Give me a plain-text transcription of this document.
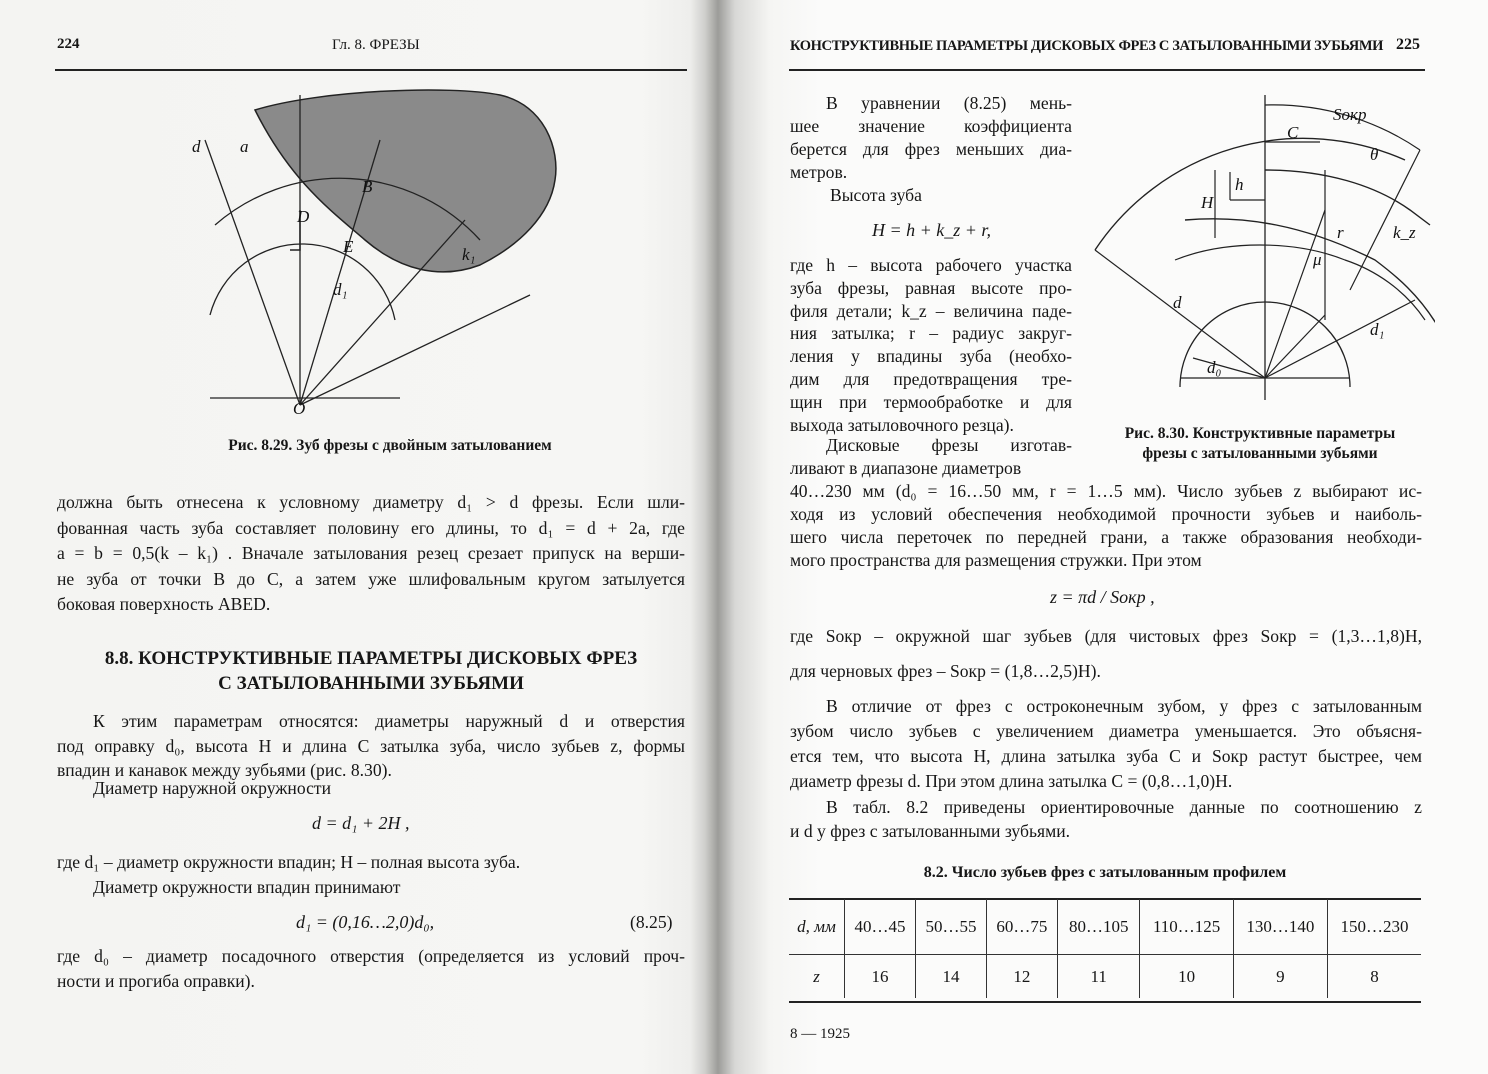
224	Гл. 8. ФРЕЗЫ
d a
D
E
B
d₁
k₁
O
Рис. 8.29. Зуб фрезы с двойным затылованием
должна быть отнесена к условному диаметру d₁ > d фрезы. Если шли-
фованная часть зуба составляет половину его длины, то d₁ = d + 2a, где
a = b = 0,5(k – k₁) . Вначале затылования резец срезает припуск на верши-
не зуба от точки B до C, а затем уже шлифовальным кругом затылуется
боковая поверхность ABED.
8.8. КОНСТРУКТИВНЫЕ ПАРАМЕТРЫ ДИСКОВЫХ ФРЕЗ
С ЗАТЫЛОВАННЫМИ ЗУБЬЯМИ
К этим параметрам относятся: диаметры наружный d и отверстия
под оправку d₀, высота H и длина C затылка зуба, число зубьев z, формы
впадин и канавок между зубьями (рис. 8.30).
Диаметр наружной окружности
d = d₁ + 2H ,
где d₁ – диаметр окружности впадин; H – полная высота зуба.
Диаметр окружности впадин принимают
d₁ = (0,16…2,0)d₀,	(8.25)
где d₀ – диаметр посадочного отверстия (определяется из условий проч-
ности и прогиба оправки).
КОНСТРУКТИВНЫЕ ПАРАМЕТРЫ ДИСКОВЫХ ФРЕЗ С ЗАТЫЛОВАННЫМИ ЗУБЬЯМИ 225
В уравнении (8.25) мень-
шее значение коэффициента
берется для фрез меньших диа-
метров.
Высота зуба
H = h + k_z + r,
где h – высота рабочего участка
зуба фрезы, равная высоте про-
филя детали; k_z – величина паде-
ния затылка; r – радиус закруг-
ления у впадины зуба (необхо-
дим для предотвращения тре-
щин при термообработке и для
выхода затыловочного резца).
Дисковые фрезы изготав-
ливают в диапазоне диаметров
40…230 мм (d₀ = 16…50 мм, r = 1…5 мм). Число зубьев z выбирают ис-
ходя из условий обеспечения необходимой прочности зубьев и наиболь-
шего числа переточек по передней грани, а также образования необходи-
мого пространства для размещения стружки. При этом
z = πd / Sокр ,
где Sокр – окружной шаг зубьев (для чистовых фрез Sокр = (1,3…1,8)H,
для черновых фрез – Sокр = (1,8…2,5)H).
В отличие от фрез с остроконечным зубом, у фрез с затылованным
зубом число зубьев с увеличением диаметра уменьшается. Это объясня-
ется тем, что высота H, длина затылка зуба C и Sокр растут быстрее, чем
диаметр фрезы d. При этом длина затылка C = (0,8…1,0)H.
В табл. 8.2 приведены ориентировочные данные по соотношению z
и d у фрез с затылованными зубьями.
Sокр
C
θ
H
h
r	k_z
μ
d
d₁
d₀
Рис. 8.30. Конструктивные параметры
фрезы с затылованными зубьями
8.2. Число зубьев фрез с затылованным профилем
d, мм	40…45	50…55	60…75	80…105	110…125	130…140	150…230
z	16	14	12	11	10	9	8
8 — 1925
